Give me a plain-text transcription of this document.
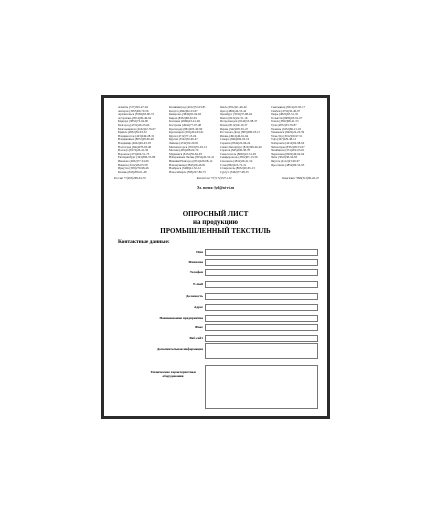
Алматы (727)345-47-04
Ангарск (3955)60-70-56
Архангельск (8182)63-90-72
Астрахань (8512)99-46-04
Барнаул (3852)73-04-60
Белгород (4722)40-23-64
Благовещенск (4162)22-76-07
Брянск (4832)59-03-52
Владивосток (423)249-28-31
Владикавказ (8672)28-90-48
Владимир (4922)49-43-18
Волгоград (844)278-03-48
Вологда (8172)26-41-59
Воронеж (473)204-51-73
Екатеринбург (343)384-55-89
Иваново (4932)77-34-06
Ижевск (3412)26-03-58
Иркутск (395)279-98-46
Казань (843)206-01-48
Калининград (4012)72-03-81
Калуга (4842)92-23-67
Кемерово (3842)65-04-62
Киров (8332)68-02-04
Коломна (4966)23-41-49
Кострома (4942)77-07-48
Краснодар (861)203-40-90
Красноярск (391)204-63-61
Курск (4712)77-13-04
Курган (3522)50-90-47
Липецк (4742)52-20-81
Магнитогорск (3519)55-03-13
Москва (495)268-04-70
Мурманск (8152)59-64-93
Набережные Челны (8552)20-53-41
Нижний Новгород (831)429-08-12
Новокузнецк (3843)20-46-81
Ноябрьск (3496)41-32-12
Новосибирск (383)227-86-73
Омск (3812)21-46-40
Орел (4862)44-53-42
Оренбург (3532)37-68-04
Пенза (8412)22-31-16
Петрозаводск (8142)55-98-37
Псков (8112)59-10-37
Пермь (342)205-81-47
Ростов-на-Дону (863)308-18-15
Рязань (4912)46-61-64
Самара (846)206-03-16
Саранск (8342)22-96-24
Санкт-Петербург (812)309-46-40
Саратов (845)249-38-78
Севастополь (8692)22-31-93
Симферополь (3652)67-13-56
Смоленск (4812)29-41-54
Сочи (862)225-72-31
Ставрополь (8652)20-65-13
Сургут (3462)77-98-35
Сыктывкар (8212)25-95-17
Тамбов (4752)50-40-97
Тверь (4822)63-31-35
Тольятти (8482)63-91-07
Томск (3822)98-41-53
Тула (4872)33-79-87
Тюмень (3452)66-21-18
Ульяновск (8422)24-23-59
Улан-Удэ (3012)59-97-51
Уфа (347)229-48-12
Хабаровск (4212)92-98-04
Чебоксары (8352)28-53-07
Челябинск (351)202-03-61
Череповец (8202)49-02-64
Чита (3022)38-34-83
Якутск (4112)23-90-97
Ярославль (4852)69-52-93
Россия +7(495)268-04-70	Казахстан +7(7172)727-132	Киргизия +996(312)96-26-47
Эл. почта: lyd@nt-rt.ru
ОПРОСНЫЙ ЛИСТ
на продукцию
ПРОМЫШЛЕННЫЙ ТЕКСТИЛЬ
Контактные данные:
Имя
Фамилия
Телефон
E-mail
Должность
Адрес
Наименование предприятия
Факс
Веб-сайт
Дополнительная информация
Технические характеристики оборудования
